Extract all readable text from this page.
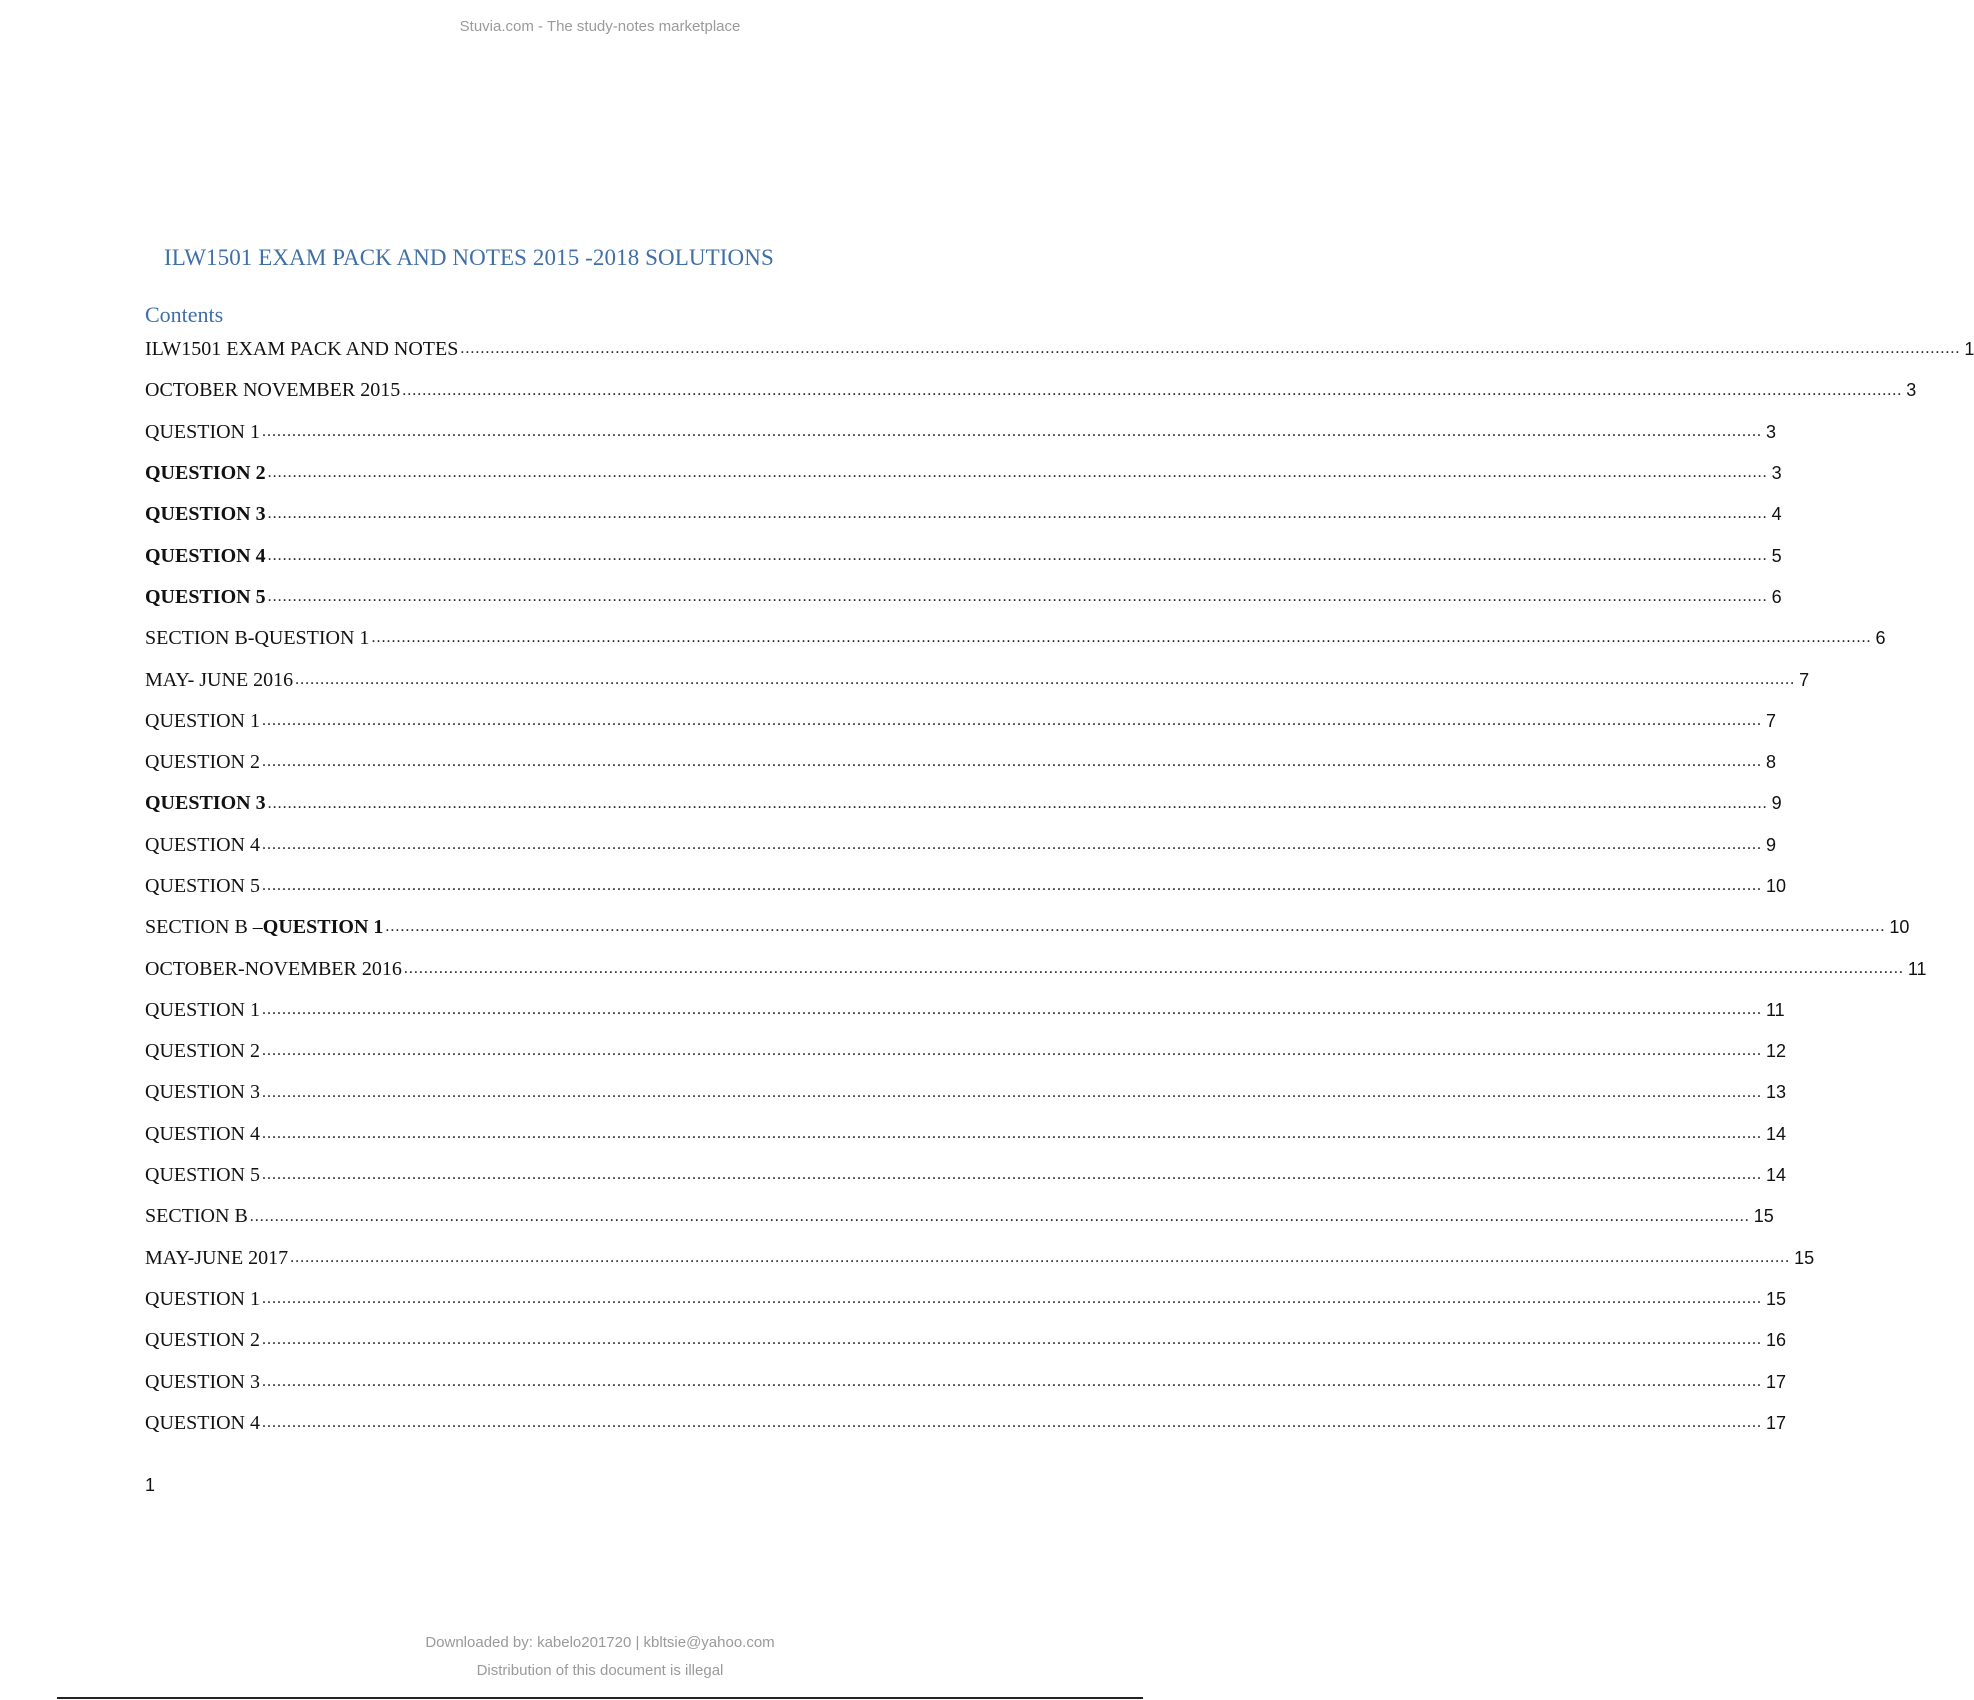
Stuvia.com - The study-notes marketplace
ILW1501 EXAM PACK AND NOTES 2015 -2018 SOLUTIONS
Contents
ILW1501 EXAM PACK AND NOTES ............................................................................................................................................................................................................................................................................................................ 1
OCTOBER NOVEMBER 2015 ............................................................................................................................................................................................................................................................................................................ 3
QUESTION 1 ............................................................................................................................................................................................................................................................................................................ 3
QUESTION 2 ............................................................................................................................................................................................................................................................................................................ 3
QUESTION 3 ............................................................................................................................................................................................................................................................................................................ 4
QUESTION 4 ............................................................................................................................................................................................................................................................................................................ 5
QUESTION 5 ............................................................................................................................................................................................................................................................................................................ 6
SECTION B-QUESTION 1 ............................................................................................................................................................................................................................................................................................................ 6
MAY- JUNE 2016 ............................................................................................................................................................................................................................................................................................................ 7
QUESTION 1 ............................................................................................................................................................................................................................................................................................................ 7
QUESTION 2 ............................................................................................................................................................................................................................................................................................................ 8
QUESTION 3 ............................................................................................................................................................................................................................................................................................................ 9
QUESTION 4 ............................................................................................................................................................................................................................................................................................................ 9
QUESTION 5 ............................................................................................................................................................................................................................................................................................................ 10
SECTION B –QUESTION 1 ............................................................................................................................................................................................................................................................................................................ 10
OCTOBER-NOVEMBER 2016 ............................................................................................................................................................................................................................................................................................................ 11
QUESTION 1 ............................................................................................................................................................................................................................................................................................................ 11
QUESTION 2 ............................................................................................................................................................................................................................................................................................................ 12
QUESTION 3 ............................................................................................................................................................................................................................................................................................................ 13
QUESTION 4 ............................................................................................................................................................................................................................................................................................................ 14
QUESTION 5 ............................................................................................................................................................................................................................................................................................................ 14
SECTION B ............................................................................................................................................................................................................................................................................................................ 15
MAY-JUNE 2017 ............................................................................................................................................................................................................................................................................................................ 15
QUESTION 1 ............................................................................................................................................................................................................................................................................................................ 15
QUESTION 2 ............................................................................................................................................................................................................................................................................................................ 16
QUESTION 3 ............................................................................................................................................................................................................................................................................................................ 17
QUESTION 4 ............................................................................................................................................................................................................................................................................................................ 17
1
Downloaded by: kabelo201720 | kbltsie@yahoo.com
Distribution of this document is illegal
